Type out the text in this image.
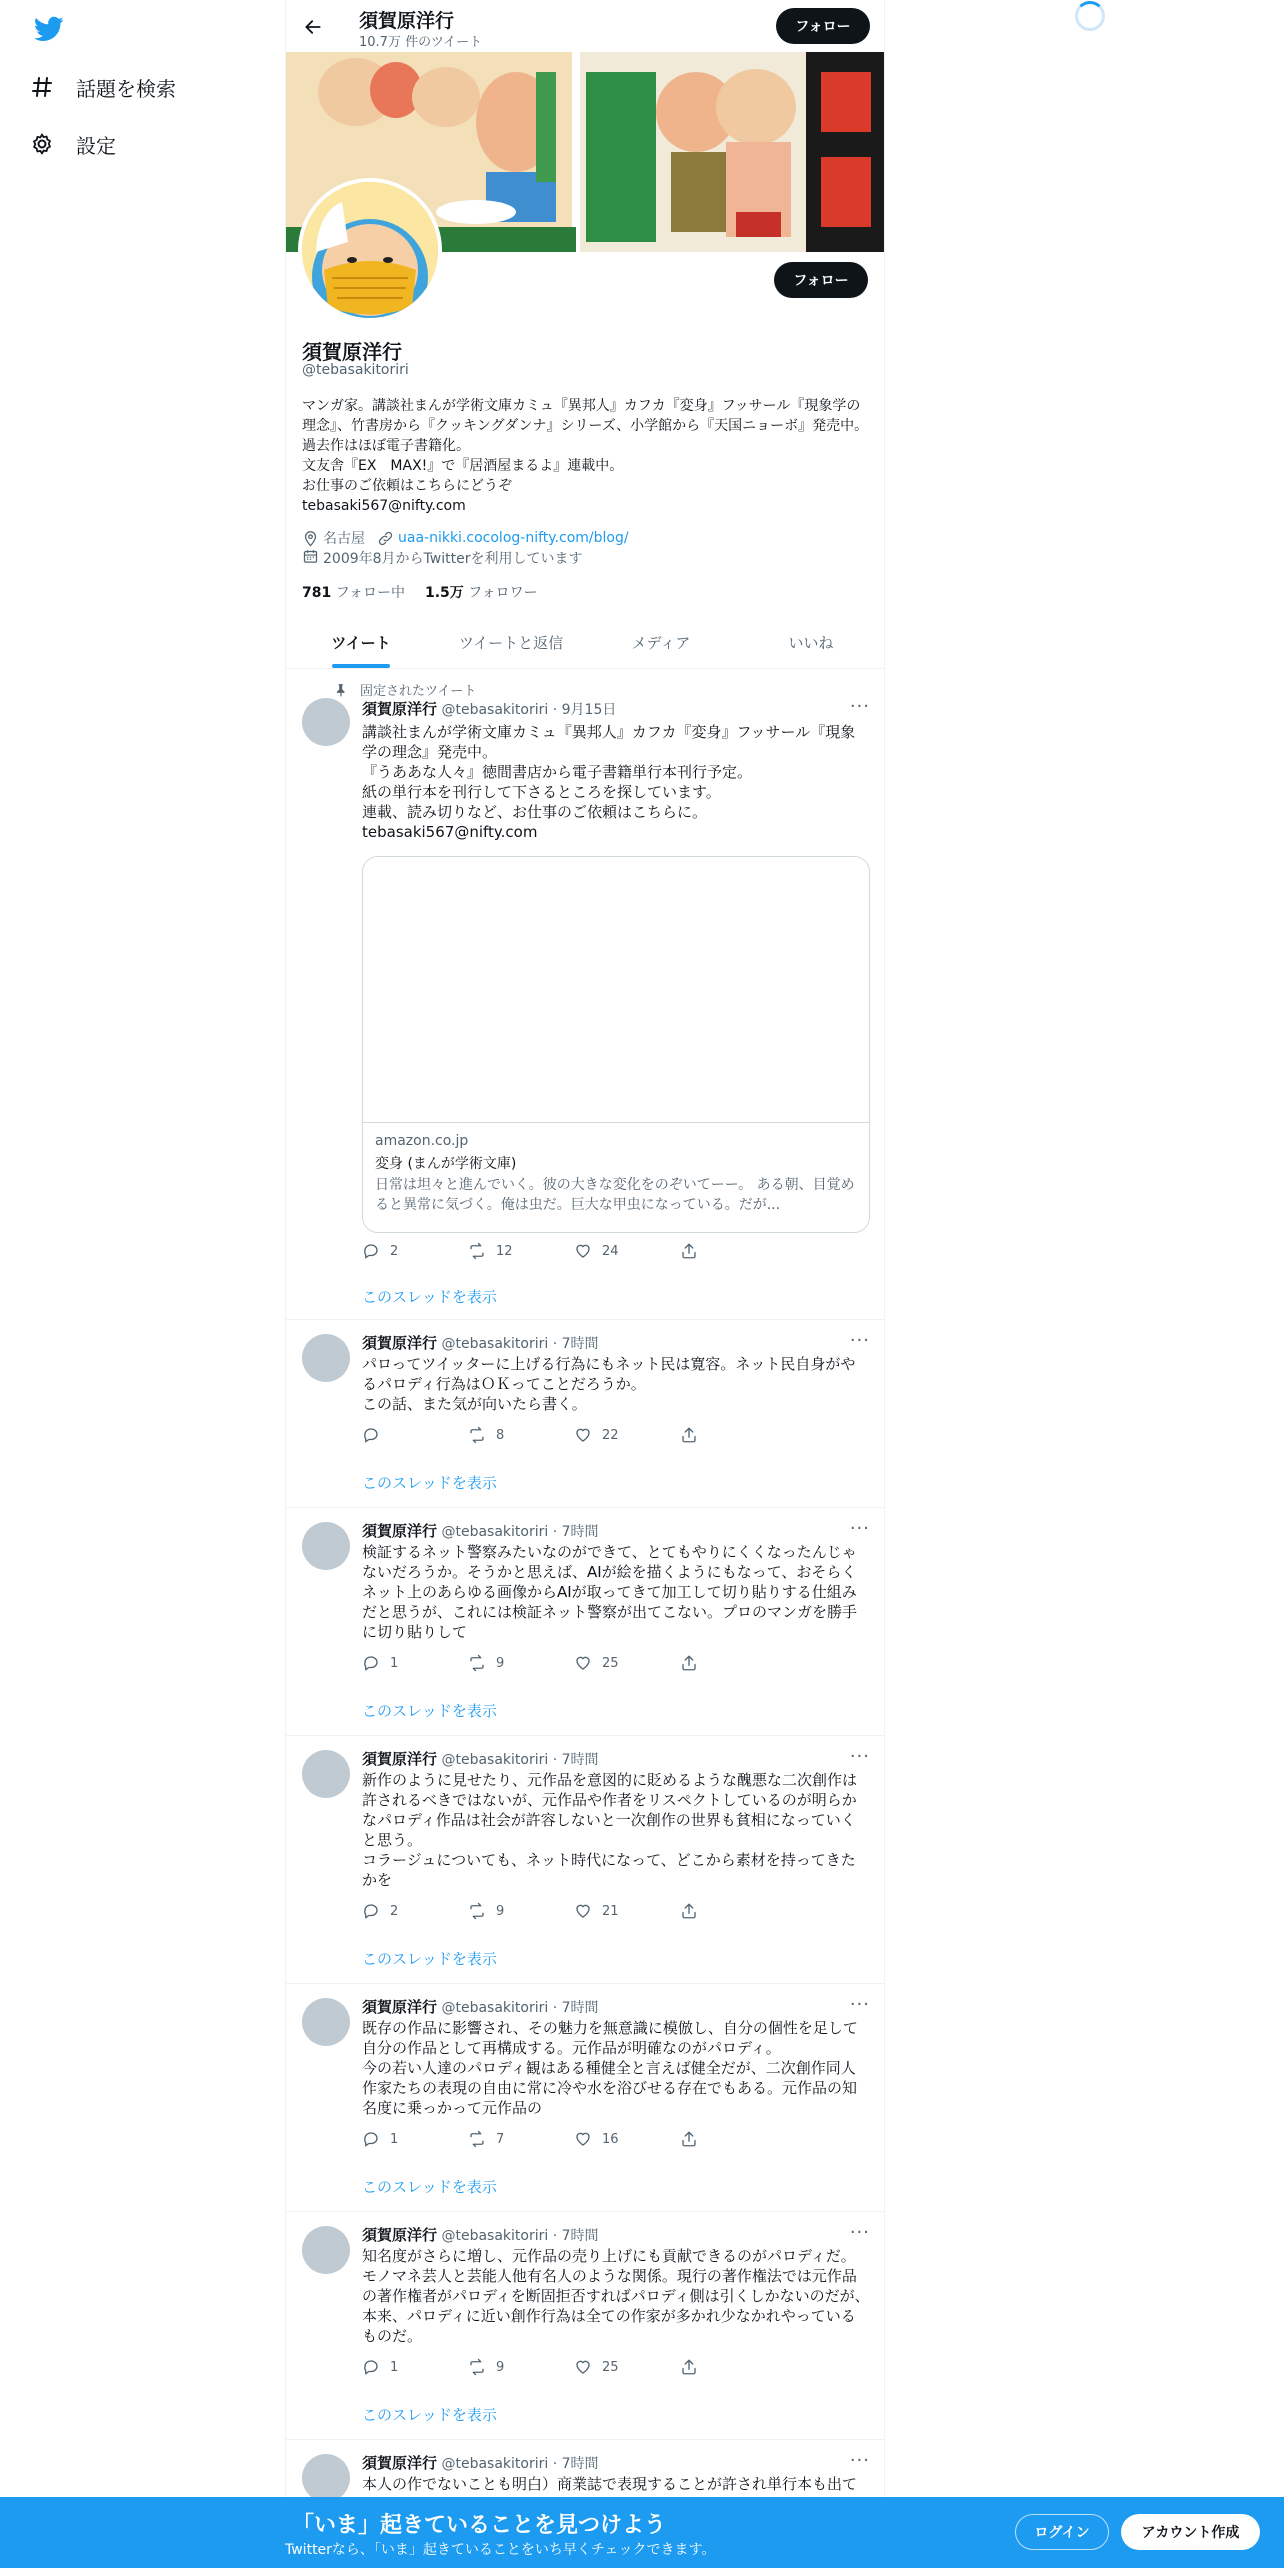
話題を検索
設定
須賀原洋行
10.7万 件のツイート
フォロー
フォロー
須賀原洋行
@tebasakitoriri
マンガ家。講談社まんが学術文庫カミュ『異邦人』カフカ『変身』フッサール『現象学の理念』、竹書房から『クッキングダンナ』シリーズ、小学館から『天国ニョーボ』発売中。過去作はほぼ電子書籍化。
文友舎『EX　MAX!』で『居酒屋まるよ』連載中。
お仕事のご依頼はこちらにどうぞ
tebasaki567@nifty.com
名古屋 uaa-nikki.cocolog-nifty.com/blog/
2009年8月からTwitterを利用しています
781 フォロー中 1.5万 フォロワー
ツイート	ツイートと返信	メディア	いいね
固定されたツイート
須賀原洋行 @tebasakitoriri · 9月15日	···
講談社まんが学術文庫カミュ『異邦人』カフカ『変身』フッサール『現象学の理念』発売中。
『うああな人々』徳間書店から電子書籍単行本刊行予定。
紙の単行本を刊行して下さるところを探しています。
連載、読み切りなど、お仕事のご依頼はこちらに。
tebasaki567@nifty.com
amazon.co.jp
変身 (まんが学術文庫)
日常は坦々と進んでいく。彼の大きな変化をのぞいてーー。 ある朝、目覚めると異常に気づく。俺は虫だ。巨大な甲虫になっている。だが...
2	12	24
このスレッドを表示
須賀原洋行 @tebasakitoriri · 7時間	···
パロってツイッターに上げる行為にもネット民は寛容。ネット民自身がやるパロディ行為はＯＫってことだろうか。
この話、また気が向いたら書く。
8	22
このスレッドを表示
須賀原洋行 @tebasakitoriri · 7時間	···
検証するネット警察みたいなのができて、とてもやりにくくなったんじゃないだろうか。そうかと思えば、AIが絵を描くようにもなって、おそらくネット上のあらゆる画像からAIが取ってきて加工して切り貼りする仕組みだと思うが、これには検証ネット警察が出てこない。プロのマンガを勝手に切り貼りして
1	9	25
このスレッドを表示
須賀原洋行 @tebasakitoriri · 7時間	···
新作のように見せたり、元作品を意図的に貶めるような醜悪な二次創作は許されるべきではないが、元作品や作者をリスペクトしているのが明らかなパロディ作品は社会が許容しないと一次創作の世界も貧相になっていくと思う。
コラージュについても、ネット時代になって、どこから素材を持ってきたかを
2	9	21
このスレッドを表示
須賀原洋行 @tebasakitoriri · 7時間	···
既存の作品に影響され、その魅力を無意識に模倣し、自分の個性を足して自分の作品として再構成する。元作品が明確なのがパロディ。
今の若い人達のパロディ観はある種健全と言えば健全だが、二次創作同人作家たちの表現の自由に常に冷や水を浴びせる存在でもある。元作品の知名度に乗っかって元作品の
1	7	16
このスレッドを表示
須賀原洋行 @tebasakitoriri · 7時間	···
知名度がさらに増し、元作品の売り上げにも貢献できるのがパロディだ。モノマネ芸人と芸能人他有名人のような関係。現行の著作権法では元作品の著作権者がパロディを断固拒否すればパロディ側は引くしかないのだが、本来、パロディに近い創作行為は全ての作家が多かれ少なかれやっているものだ。
1	9	25
このスレッドを表示
須賀原洋行 @tebasakitoriri · 7時間	···
本人の作でないことも明白）商業誌で表現することが許され単行本も出て
「いま」起きていることを見つけよう
Twitterなら、「いま」起きていることをいち早くチェックできます。
ログイン	アカウント作成
